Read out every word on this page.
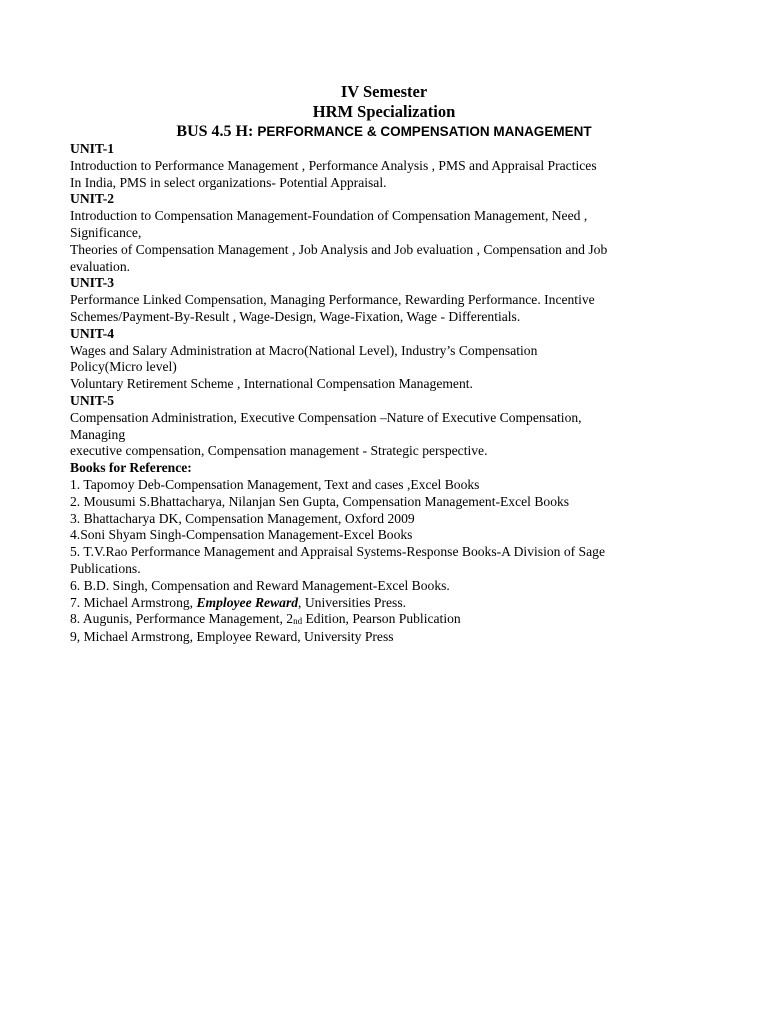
IV Semester
HRM Specialization
BUS 4.5 H: PERFORMANCE & COMPENSATION MANAGEMENT
UNIT-1
Introduction to Performance Management , Performance Analysis , PMS and Appraisal Practices
In India, PMS in select organizations- Potential Appraisal.
UNIT-2
Introduction to Compensation Management-Foundation of Compensation Management, Need ,
Significance,
Theories of Compensation Management , Job Analysis and Job evaluation , Compensation and Job
evaluation.
UNIT-3
Performance Linked Compensation, Managing Performance, Rewarding Performance. Incentive
Schemes/Payment-By-Result , Wage-Design, Wage-Fixation, Wage - Differentials.
UNIT-4
Wages and Salary Administration at Macro(National Level), Industry’s Compensation
Policy(Micro level)
Voluntary Retirement Scheme , International Compensation Management.
UNIT-5
Compensation Administration, Executive Compensation –Nature of Executive Compensation,
Managing
executive compensation, Compensation management - Strategic perspective.
Books for Reference:
1. Tapomoy Deb-Compensation Management, Text and cases ,Excel Books
2. Mousumi S.Bhattacharya, Nilanjan Sen Gupta, Compensation Management-Excel Books
3. Bhattacharya DK, Compensation Management, Oxford 2009
4.Soni Shyam Singh-Compensation Management-Excel Books
5. T.V.Rao Performance Management and Appraisal Systems-Response Books-A Division of Sage
Publications.
6. B.D. Singh, Compensation and Reward Management-Excel Books.
7. Michael Armstrong, Employee Reward, Universities Press.
8. Augunis, Performance Management, 2nd Edition, Pearson Publication
9, Michael Armstrong, Employee Reward, University Press
